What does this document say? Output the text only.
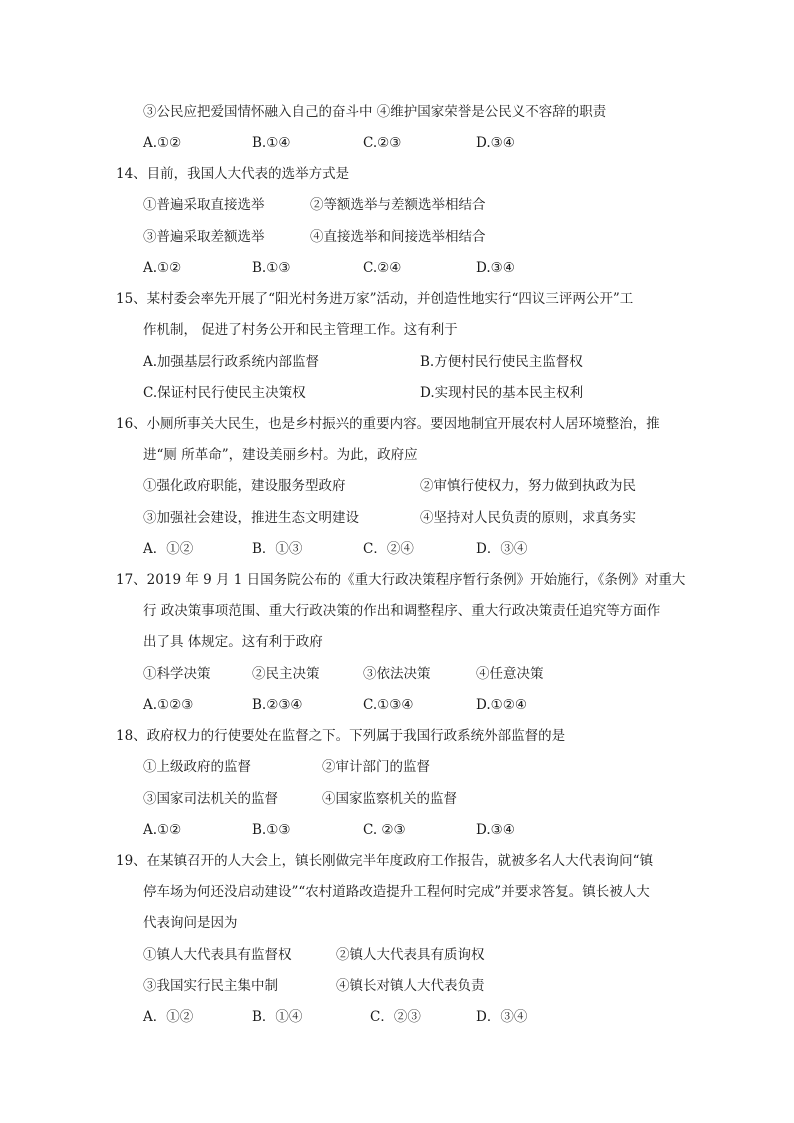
③公民应把爱国情怀融入自己的奋斗中 ④维护国家荣誉是公民义不容辞的职责
A.①②	B.①④	C.②③	D.③④
14、目前，我国人大代表的选举方式是
①普遍采取直接选举	②等额选举与差额选举相结合
③普遍采取差额选举	④直接选举和间接选举相结合
A.①②	B.①③	C.②④	D.③④
15、某村委会率先开展了“阳光村务进万家”活动，并创造性地实行“四议三评两公开”工
作机制， 促进了村务公开和民主管理工作。这有利于
A.加强基层行政系统内部监督	B.方便村民行使民主监督权
C.保证村民行使民主决策权	D.实现村民的基本民主权利
16、小厕所事关大民生，也是乡村振兴的重要内容。要因地制宜开展农村人居环境整治，推
进“厕 所革命”，建设美丽乡村。为此，政府应
①强化政府职能，建设服务型政府	②审慎行使权力，努力做到执政为民
③加强社会建设，推进生态文明建设	④坚持对人民负责的原则，求真务实
A．①②	B．①③	C．②④	D．③④
17、2019 年 9 月 1 日国务院公布的《重大行政决策程序暂行条例》开始施行，《条例》对重大
行 政决策事项范围、重大行政决策的作出和调整程序、重大行政决策责任追究等方面作
出了具 体规定。这有利于政府
①科学决策	②民主决策	③依法决策	④任意决策
A.①②③	B.②③④	C.①③④	D.①②④
18、政府权力的行使要处在监督之下。下列属于我国行政系统外部监督的是
①上级政府的监督	②审计部门的监督
③国家司法机关的监督	④国家监察机关的监督
A.①②	B.①③	C. ②③	D.③④
19、在某镇召开的人大会上，镇长刚做完半年度政府工作报告，就被多名人大代表询问“镇
停车场为何还没启动建设”“农村道路改造提升工程何时完成”并要求答复。镇长被人大
代表询问是因为
①镇人大代表具有监督权	②镇人大代表具有质询权
③我国实行民主集中制	④镇长对镇人大代表负责
A．①②	B．①④	C．②③	D．③④
